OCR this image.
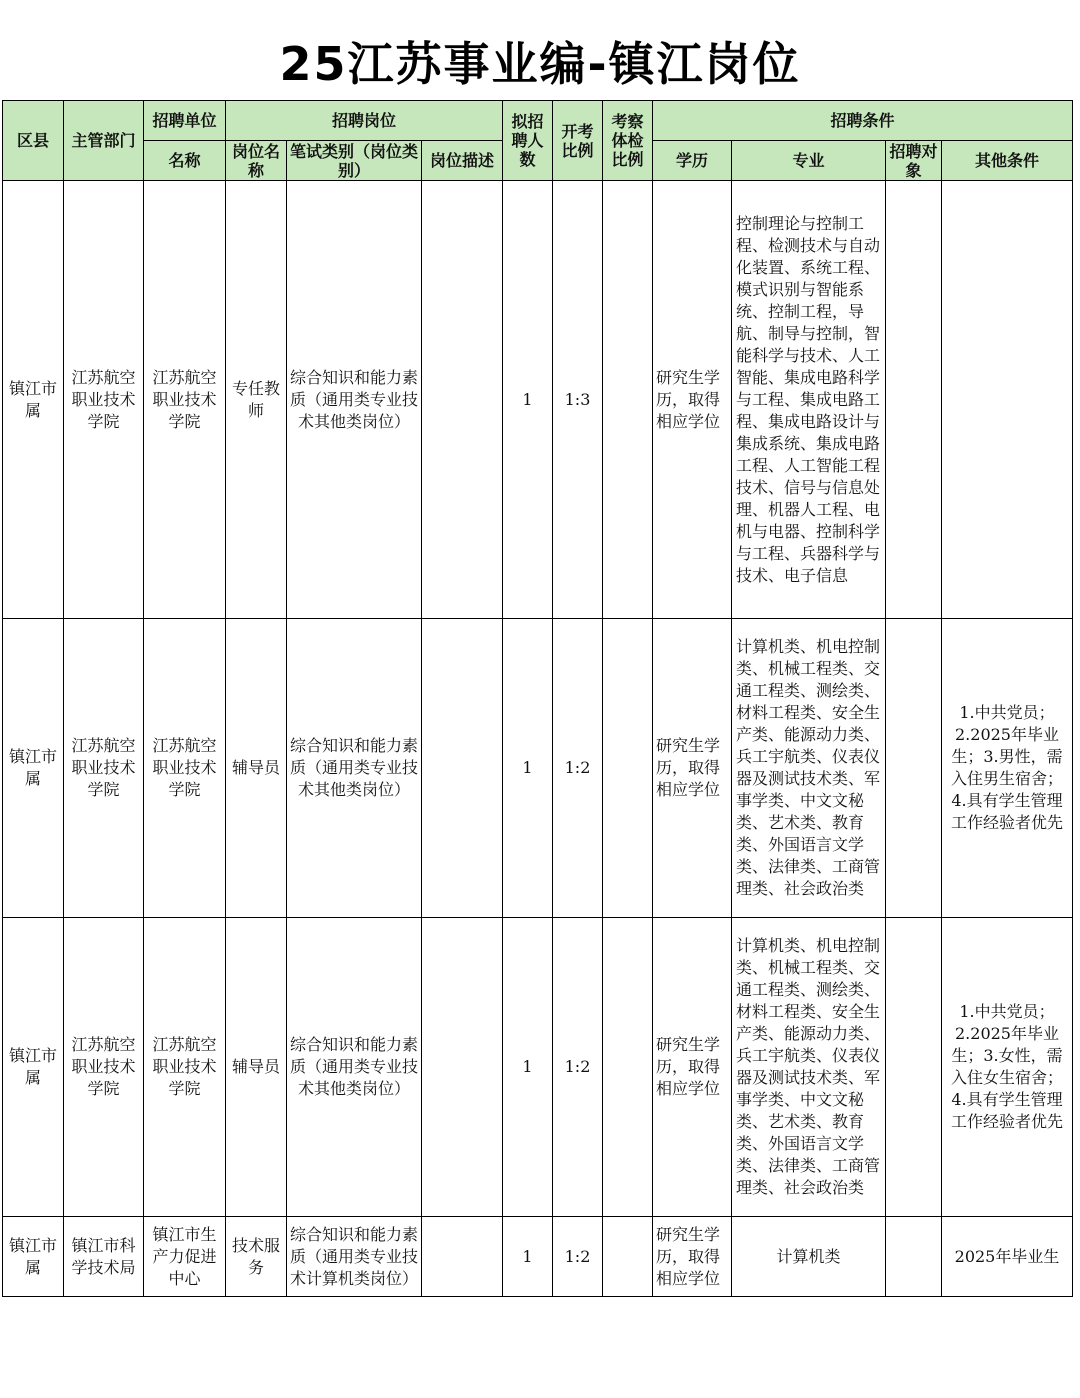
25江苏事业编-镇江岗位
区县	主管部门	招聘单位	招聘岗位			拟招聘人数	开考比例	考察体检比例	招聘条件			
		名称	岗位名称	笔试类别（岗位类别）	岗位描述				学历	专业	招聘对象	其他条件
镇江市属	江苏航空职业技术学院	江苏航空职业技术学院	专任教师	综合知识和能力素质（通用类专业技术其他类岗位）		1	1:3		研究生学历，取得相应学位	控制理论与控制工程、检测技术与自动化装置、系统工程、模式识别与智能系统、控制工程，导航、制导与控制，智能科学与技术、人工智能、集成电路科学与工程、集成电路工程、集成电路设计与集成系统、集成电路工程、人工智能工程技术、信号与信息处理、机器人工程、电机与电器、控制科学与工程、兵器科学与技术、电子信息		
镇江市属	江苏航空职业技术学院	江苏航空职业技术学院	辅导员	综合知识和能力素质（通用类专业技术其他类岗位）		1	1:2		研究生学历，取得相应学位	计算机类、机电控制类、机械工程类、交通工程类、测绘类、材料工程类、安全生产类、能源动力类、兵工宇航类、仪表仪器及测试技术类、军事学类、中文文秘类、艺术类、教育类、外国语言文学类、法律类、工商管理类、社会政治类		1.中共党员；2.2025年毕业生；3.男性，需入住男生宿舍；4.具有学生管理工作经验者优先
镇江市属	江苏航空职业技术学院	江苏航空职业技术学院	辅导员	综合知识和能力素质（通用类专业技术其他类岗位）		1	1:2		研究生学历，取得相应学位	计算机类、机电控制类、机械工程类、交通工程类、测绘类、材料工程类、安全生产类、能源动力类、兵工宇航类、仪表仪器及测试技术类、军事学类、中文文秘类、艺术类、教育类、外国语言文学类、法律类、工商管理类、社会政治类		1.中共党员；2.2025年毕业生；3.女性，需入住女生宿舍；4.具有学生管理工作经验者优先
镇江市属	镇江市科学技术局	镇江市生产力促进中心	技术服务	综合知识和能力素质（通用类专业技术计算机类岗位）		1	1:2		研究生学历，取得相应学位	计算机类		2025年毕业生
